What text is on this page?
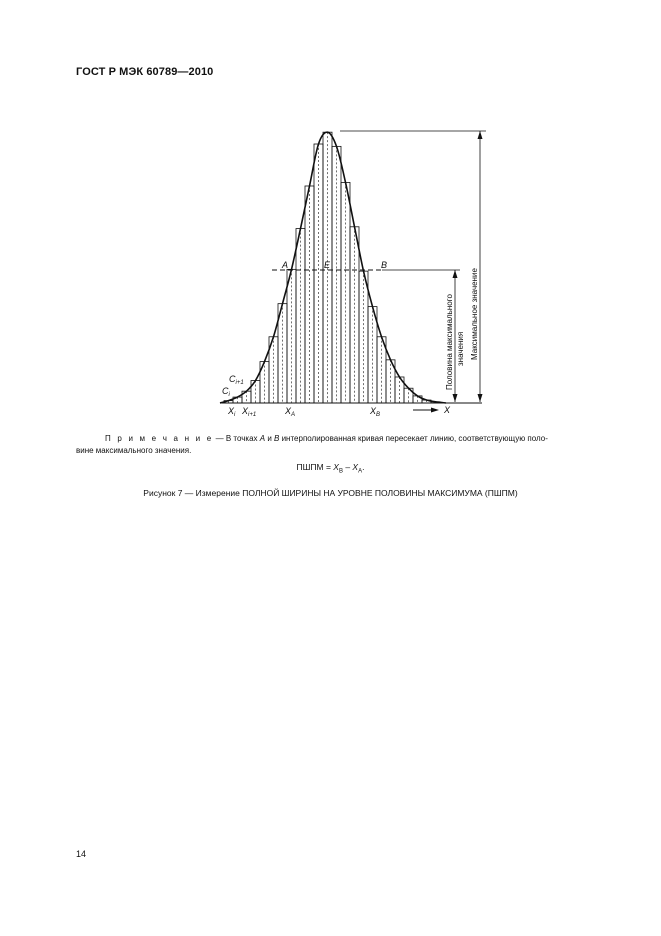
ГОСТ Р МЭК 60789—2010
A	E	B
$C_i$
$C_{i+1}$
$X_i$ $X_{i+1}$	$X_A$	$X_B$	X
Половина максимального значения Максимальное значение
П р и м е ч а н и е — В точках А и В интерполированная кривая пересекает линию, соответствующую поло-
вине максимального значения.
ПШПМ = $X_B - X_A$.
Рисунок 7 — Измерение ПОЛНОЙ ШИРИНЫ НА УРОВНЕ ПОЛОВИНЫ МАКСИМУМА (ПШПМ)
14
